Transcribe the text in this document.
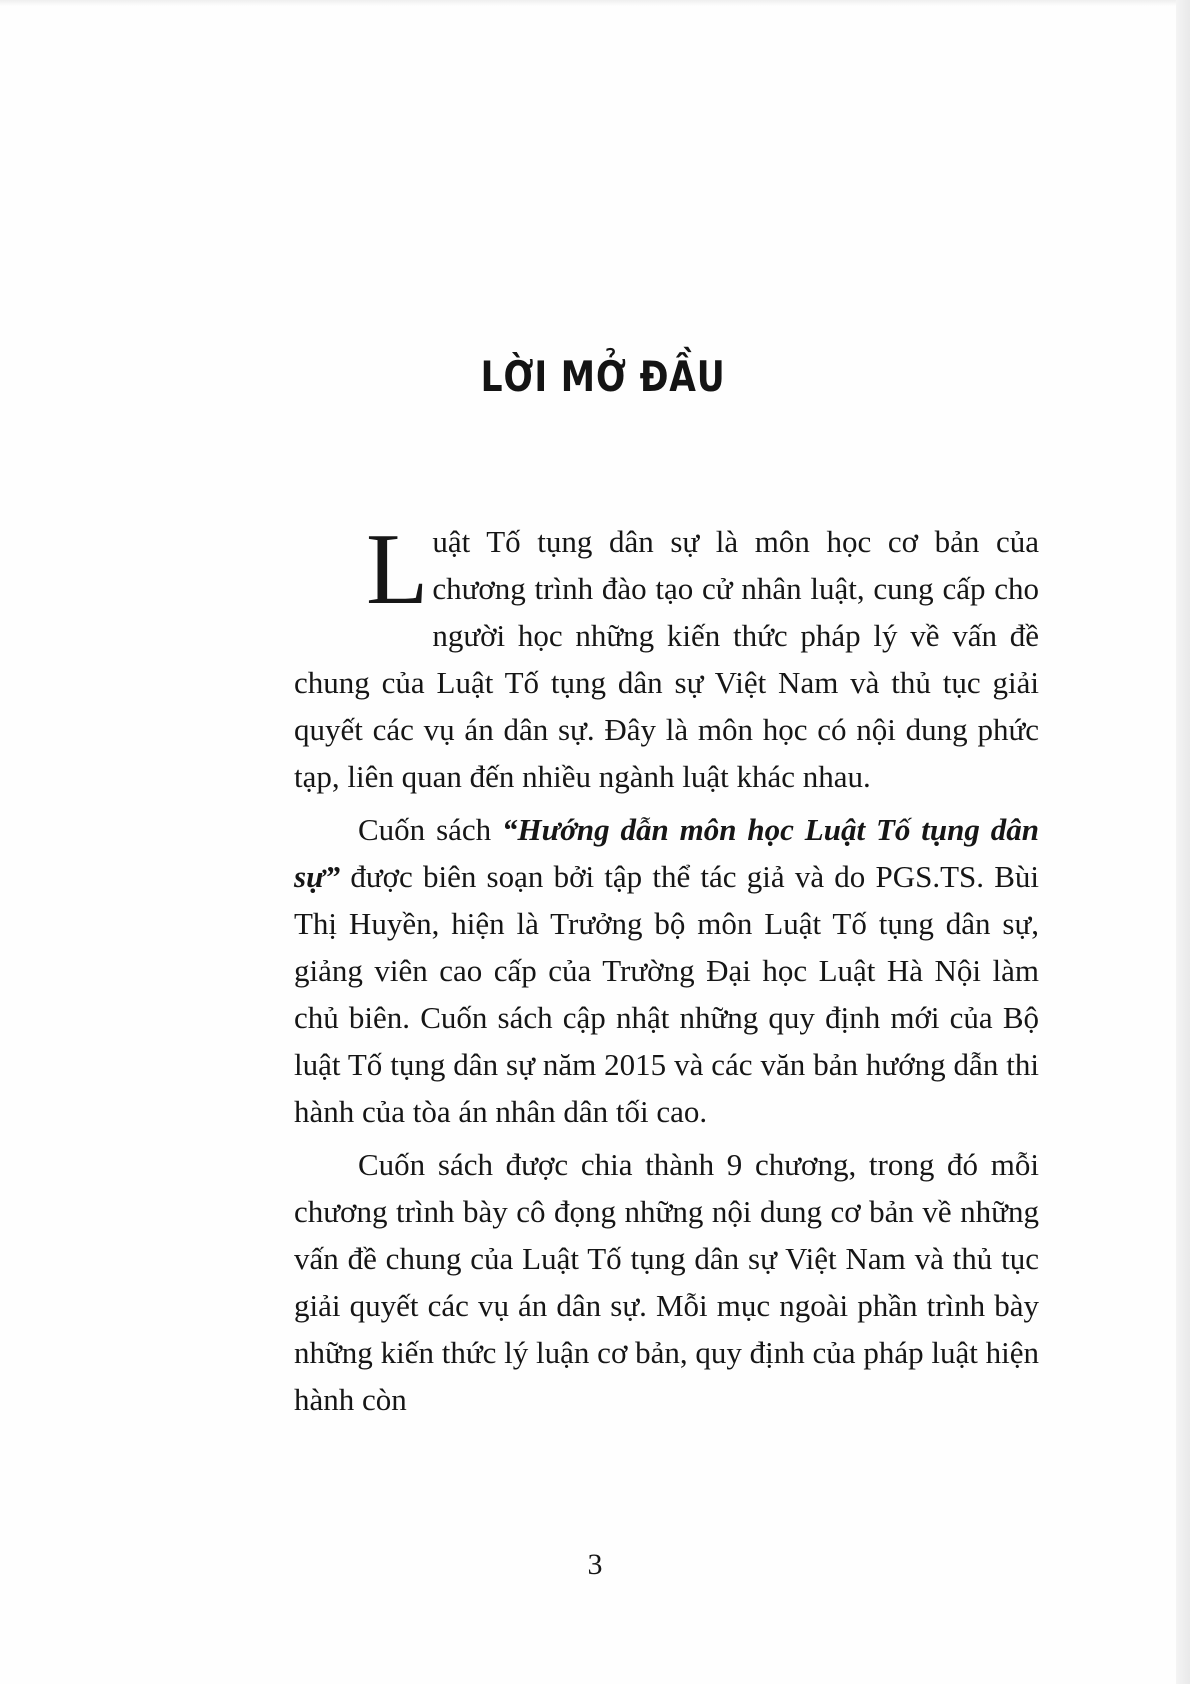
LỜI MỞ ĐẦU

Luật Tố tụng dân sự là môn học cơ bản của chương trình đào tạo cử nhân luật, cung cấp cho người học những kiến thức pháp lý về vấn đề chung của Luật Tố tụng dân sự Việt Nam và thủ tục giải quyết các vụ án dân sự. Đây là môn học có nội dung phức tạp, liên quan đến nhiều ngành luật khác nhau.

Cuốn sách “Hướng dẫn môn học Luật Tố tụng dân sự” được biên soạn bởi tập thể tác giả và do PGS.TS. Bùi Thị Huyền, hiện là Trưởng bộ môn Luật Tố tụng dân sự, giảng viên cao cấp của Trường Đại học Luật Hà Nội làm chủ biên. Cuốn sách cập nhật những quy định mới của Bộ luật Tố tụng dân sự năm 2015 và các văn bản hướng dẫn thi hành của tòa án nhân dân tối cao.

Cuốn sách được chia thành 9 chương, trong đó mỗi chương trình bày cô đọng những nội dung cơ bản về những vấn đề chung của Luật Tố tụng dân sự Việt Nam và thủ tục giải quyết các vụ án dân sự. Mỗi mục ngoài phần trình bày những kiến thức lý luận cơ bản, quy định của pháp luật hiện hành còn

3
